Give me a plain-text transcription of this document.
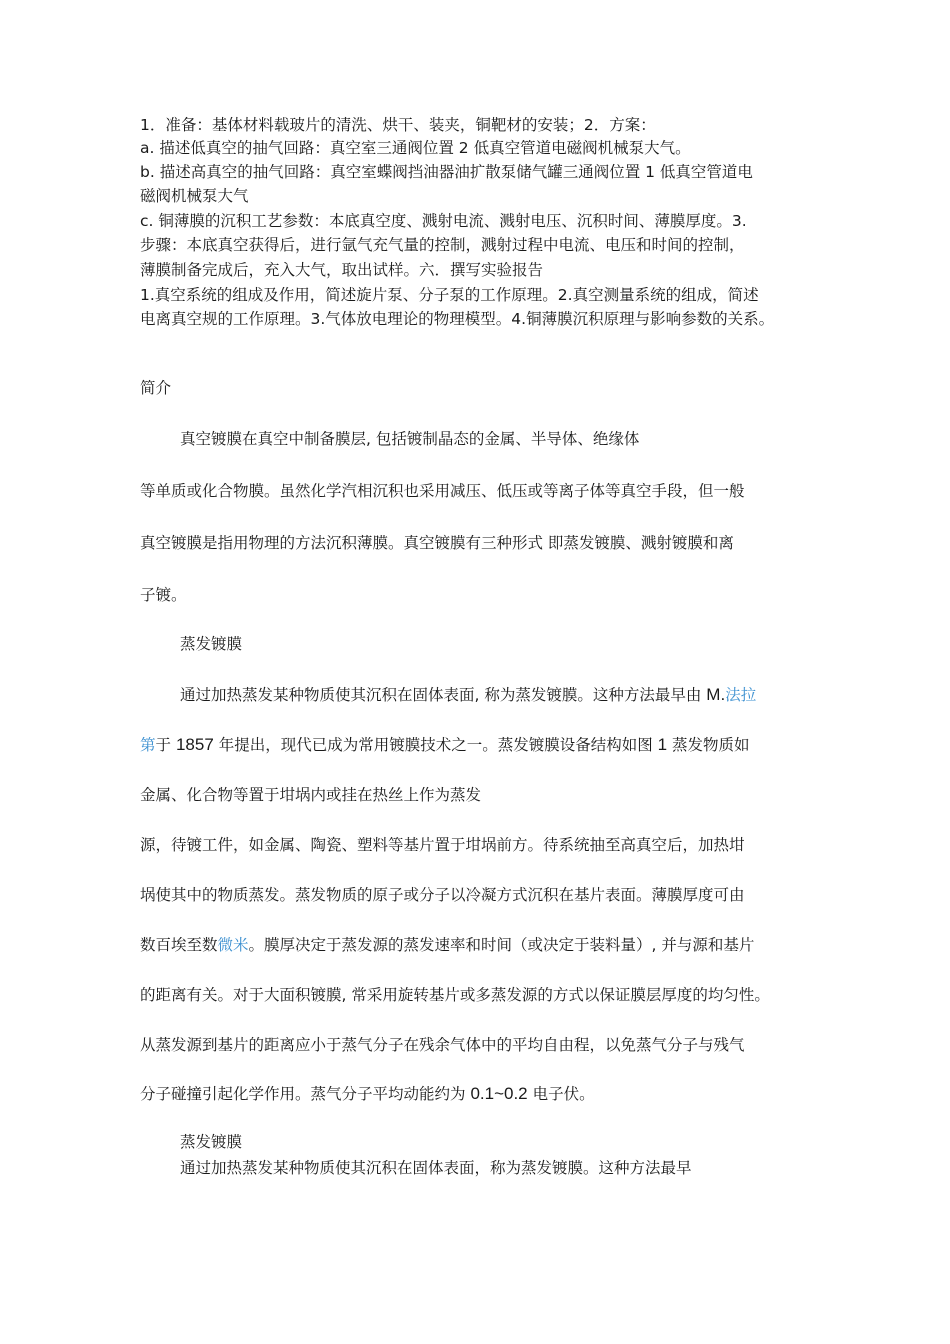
1．准备：基体材料载玻片的清洗、烘干、装夹，铜靶材的安装；2．方案：
a. 描述低真空的抽气回路：真空室三通阀位置 2 低真空管道电磁阀机械泵大气。
b. 描述高真空的抽气回路：真空室蝶阀挡油器油扩散泵储气罐三通阀位置 1 低真空管道电
磁阀机械泵大气
c. 铜薄膜的沉积工艺参数：本底真空度、溅射电流、溅射电压、沉积时间、薄膜厚度。3.
步骤：本底真空获得后，进行氩气充气量的控制，溅射过程中电流、电压和时间的控制，
薄膜制备完成后，充入大气，取出试样。六．撰写实验报告
1.真空系统的组成及作用，简述旋片泵、分子泵的工作原理。2.真空测量系统的组成，简述
电离真空规的工作原理。3.气体放电理论的物理模型。4.铜薄膜沉积原理与影响参数的关系。
简介
真空镀膜在真空中制备膜层, 包括镀制晶态的金属、半导体、绝缘体
等单质或化合物膜。虽然化学汽相沉积也采用减压、低压或等离子体等真空手段，但一般
真空镀膜是指用物理的方法沉积薄膜。真空镀膜有三种形式 即蒸发镀膜、溅射镀膜和离
子镀。
蒸发镀膜
通过加热蒸发某种物质使其沉积在固体表面, 称为蒸发镀膜。这种方法最早由 M.法拉
第于 1857 年提出，现代已成为常用镀膜技术之一。蒸发镀膜设备结构如图 1 蒸发物质如
金属、化合物等置于坩埚内或挂在热丝上作为蒸发
源，待镀工件，如金属、陶瓷、塑料等基片置于坩埚前方。待系统抽至高真空后，加热坩
埚使其中的物质蒸发。蒸发物质的原子或分子以冷凝方式沉积在基片表面。薄膜厚度可由
数百埃至数微米。膜厚决定于蒸发源的蒸发速率和时间（或决定于装料量）, 并与源和基片
的距离有关。对于大面积镀膜, 常采用旋转基片或多蒸发源的方式以保证膜层厚度的均匀性。
从蒸发源到基片的距离应小于蒸气分子在残余气体中的平均自由程，以免蒸气分子与残气
分子碰撞引起化学作用。蒸气分子平均动能约为 0.1~0.2 电子伏。
蒸发镀膜
通过加热蒸发某种物质使其沉积在固体表面，称为蒸发镀膜。这种方法最早
